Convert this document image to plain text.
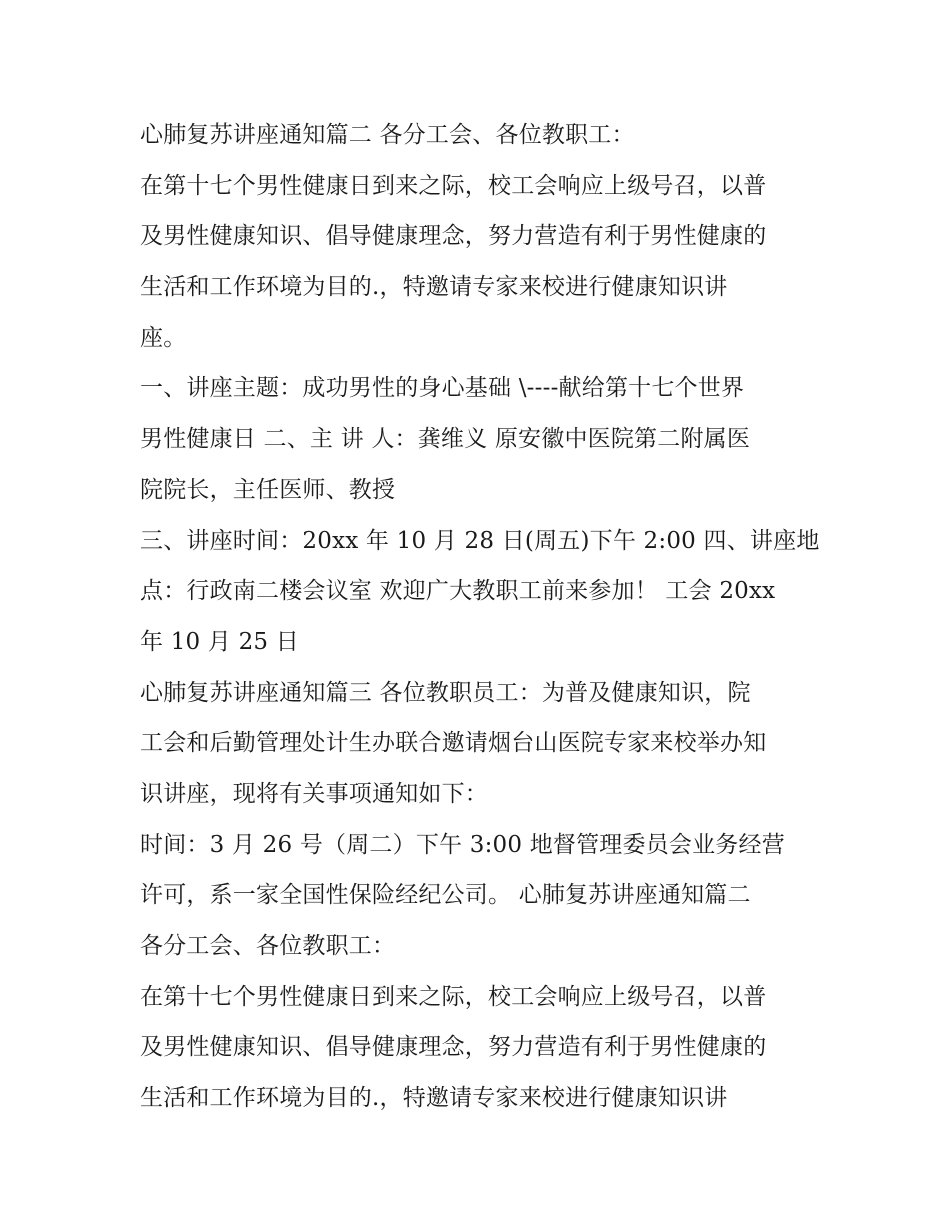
心肺复苏讲座通知篇二 各分工会、各位教职工：
在第十七个男性健康日到来之际，校工会响应上级号召，以普
及男性健康知识、倡导健康理念，努力营造有利于男性健康的
生活和工作环境为目的.，特邀请专家来校进行健康知识讲
座。
一、讲座主题：成功男性的身心基础 \----献给第十七个世界
男性健康日 二、主 讲 人：龚维义 原安徽中医院第二附属医
院院长，主任医师、教授
三、讲座时间：20xx 年 10 月 28 日(周五)下午 2:00 四、讲座地
点：行政南二楼会议室 欢迎广大教职工前来参加！ 工会 20xx
年 10 月 25 日
心肺复苏讲座通知篇三 各位教职员工：为普及健康知识，院
工会和后勤管理处计生办联合邀请烟台山医院专家来校举办知
识讲座，现将有关事项通知如下：
时间：3 月 26 号（周二）下午 3:00 地督管理委员会业务经营
许可，系一家全国性保险经纪公司。 心肺复苏讲座通知篇二
各分工会、各位教职工：
在第十七个男性健康日到来之际，校工会响应上级号召，以普
及男性健康知识、倡导健康理念，努力营造有利于男性健康的
生活和工作环境为目的.，特邀请专家来校进行健康知识讲
